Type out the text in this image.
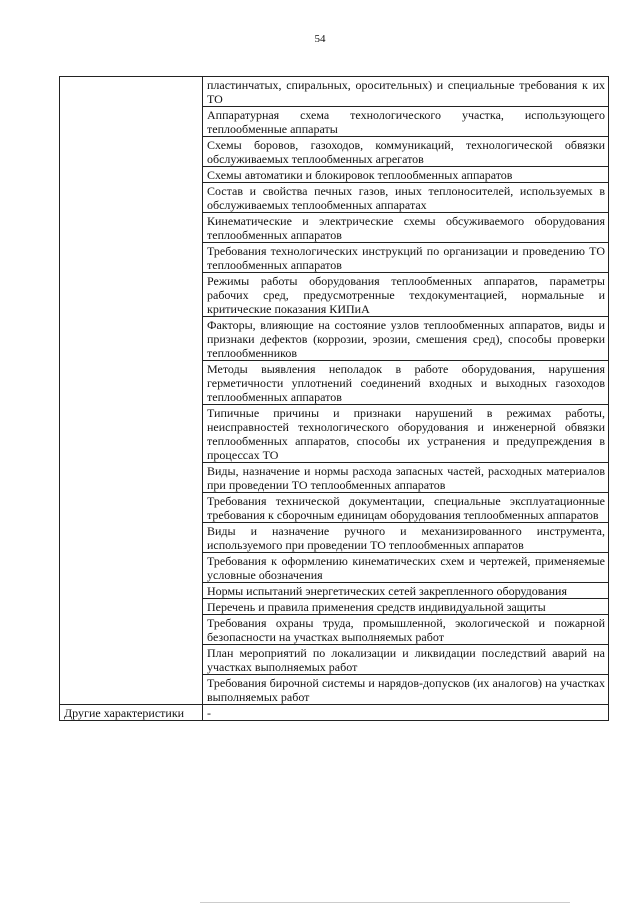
54
	пластинчатых, спиральных, оросительных) и специальные требования к их ТО
	Аппаратурная схема технологического участка, использующего теплообменные аппараты
	Схемы боровов, газоходов, коммуникаций, технологической обвязки обслуживаемых теплообменных агрегатов
	Схемы автоматики и блокировок теплообменных аппаратов
	Состав и свойства печных газов, иных теплоносителей, используемых в обслуживаемых теплообменных аппаратах
	Кинематические и электрические схемы обсуживаемого оборудования теплообменных аппаратов
	Требования технологических инструкций по организации и проведению ТО теплообменных аппаратов
	Режимы работы оборудования теплообменных аппаратов, параметры рабочих сред, предусмотренные техдокументацией, нормальные и критические показания КИПиА
	Факторы, влияющие на состояние узлов теплообменных аппаратов, виды и признаки дефектов (коррозии, эрозии, смешения сред), способы проверки теплообменников
	Методы выявления неполадок в работе оборудования, нарушения герметичности уплотнений соединений входных и выходных газоходов теплообменных аппаратов
	Типичные причины и признаки нарушений в режимах работы, неисправностей технологического оборудования и инженерной обвязки теплообменных аппаратов, способы их устранения и предупреждения в процессах ТО
	Виды, назначение и нормы расхода запасных частей, расходных материалов при проведении ТО теплообменных аппаратов
	Требования технической документации, специальные эксплуатационные требования к сборочным единицам оборудования теплообменных аппаратов
	Виды и назначение ручного и механизированного инструмента, используемого при проведении ТО теплообменных аппаратов
	Требования к оформлению кинематических схем и чертежей, применяемые условные обозначения
	Нормы испытаний энергетических сетей закрепленного оборудования
	Перечень и правила применения средств индивидуальной защиты
	Требования охраны труда, промышленной, экологической и пожарной безопасности на участках выполняемых работ
	План мероприятий по локализации и ликвидации последствий аварий на участках выполняемых работ
	Требования бирочной системы и нарядов-допусков (их аналогов) на участках выполняемых работ
Другие характеристики	-
